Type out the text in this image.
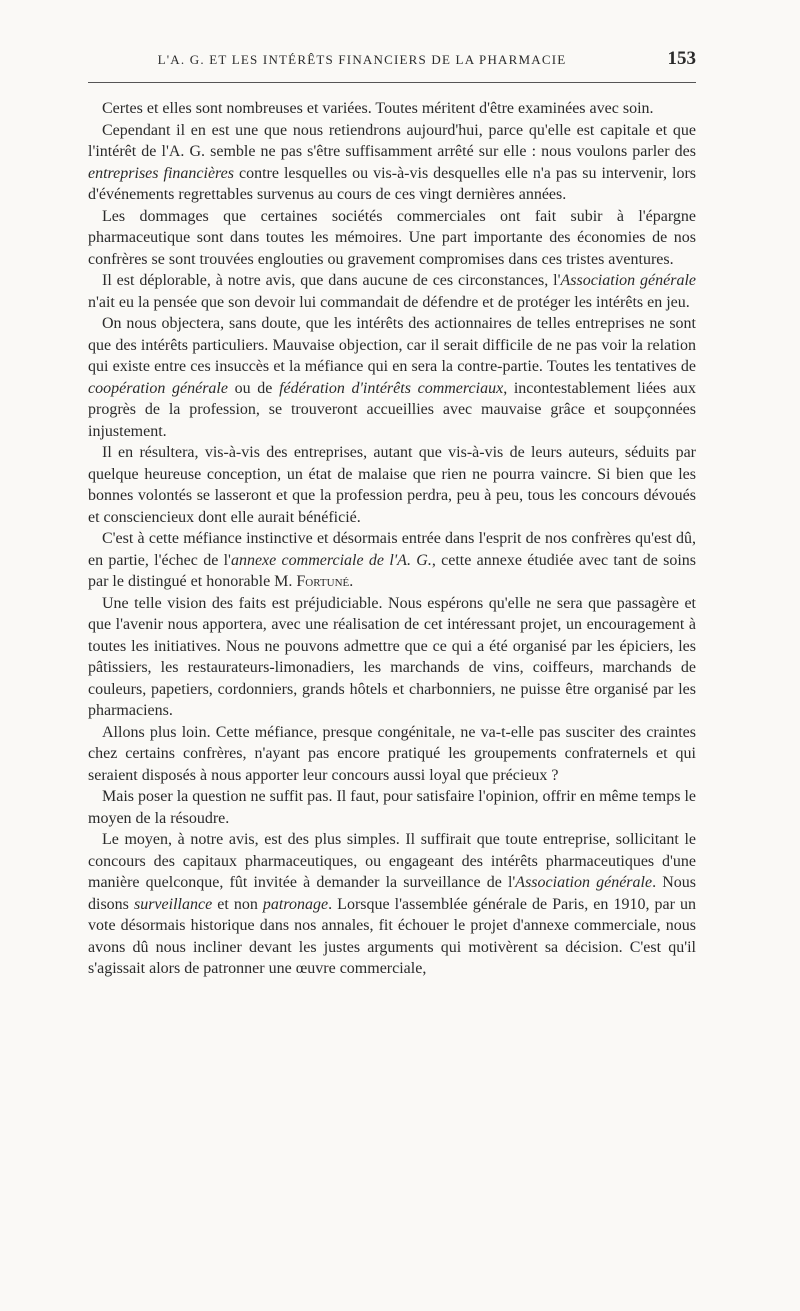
L'A. G. ET LES INTÉRÊTS FINANCIERS DE LA PHARMACIE	153

Certes et elles sont nombreuses et variées. Toutes méritent d'être examinées avec soin.

Cependant il en est une que nous retiendrons aujourd'hui, parce qu'elle est capitale et que l'intérêt de l'A. G. semble ne pas s'être suffisamment arrêté sur elle : nous voulons parler des entreprises financières contre lesquelles ou vis-à-vis desquelles elle n'a pas su intervenir, lors d'événements regrettables survenus au cours de ces vingt dernières années.

Les dommages que certaines sociétés commerciales ont fait subir à l'épargne pharmaceutique sont dans toutes les mémoires. Une part importante des économies de nos confrères se sont trouvées englouties ou gravement compromises dans ces tristes aventures.

Il est déplorable, à notre avis, que dans aucune de ces circonstances, l'Association générale n'ait eu la pensée que son devoir lui commandait de défendre et de protéger les intérêts en jeu.

On nous objectera, sans doute, que les intérêts des actionnaires de telles entreprises ne sont que des intérêts particuliers. Mauvaise objection, car il serait difficile de ne pas voir la relation qui existe entre ces insuccès et la méfiance qui en sera la contre-partie. Toutes les tentatives de coopération générale ou de fédération d'intérêts commerciaux, incontestablement liées aux progrès de la profession, se trouveront accueillies avec mauvaise grâce et soupçonnées injustement.

Il en résultera, vis-à-vis des entreprises, autant que vis-à-vis de leurs auteurs, séduits par quelque heureuse conception, un état de malaise que rien ne pourra vaincre. Si bien que les bonnes volontés se lasseront et que la profession perdra, peu à peu, tous les concours dévoués et consciencieux dont elle aurait bénéficié.

C'est à cette méfiance instinctive et désormais entrée dans l'esprit de nos confrères qu'est dû, en partie, l'échec de l'annexe commerciale de l'A. G., cette annexe étudiée avec tant de soins par le distingué et honorable M. Fortuné.

Une telle vision des faits est préjudiciable. Nous espérons qu'elle ne sera que passagère et que l'avenir nous apportera, avec une réalisation de cet intéressant projet, un encouragement à toutes les initiatives. Nous ne pouvons admettre que ce qui a été organisé par les épiciers, les pâtissiers, les restaurateurs-limonadiers, les marchands de vins, coiffeurs, marchands de couleurs, papetiers, cordonniers, grands hôtels et charbonniers, ne puisse être organisé par les pharmaciens.

Allons plus loin. Cette méfiance, presque congénitale, ne va-t-elle pas susciter des craintes chez certains confrères, n'ayant pas encore pratiqué les groupements confraternels et qui seraient disposés à nous apporter leur concours aussi loyal que précieux ?

Mais poser la question ne suffit pas. Il faut, pour satisfaire l'opinion, offrir en même temps le moyen de la résoudre.

Le moyen, à notre avis, est des plus simples. Il suffirait que toute entreprise, sollicitant le concours des capitaux pharmaceutiques, ou engageant des intérêts pharmaceutiques d'une manière quelconque, fût invitée à demander la surveillance de l'Association générale. Nous disons surveillance et non patronage. Lorsque l'assemblée générale de Paris, en 1910, par un vote désormais historique dans nos annales, fit échouer le projet d'annexe commerciale, nous avons dû nous incliner devant les justes arguments qui motivèrent sa décision. C'est qu'il s'agissait alors de patronner une œuvre commerciale,
